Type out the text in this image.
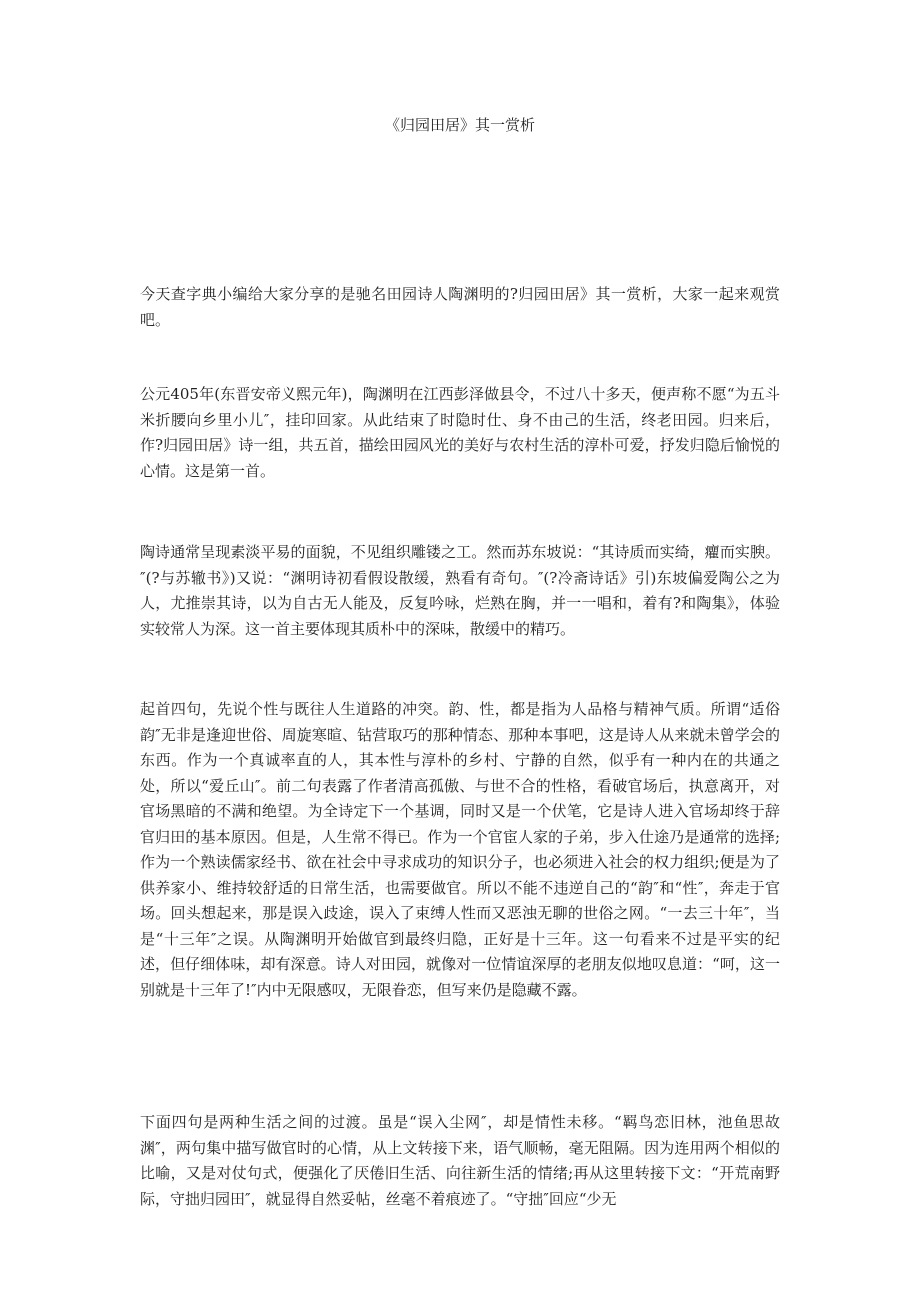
《归园田居》其一赏析
今天查字典小编给大家分享的是驰名田园诗人陶渊明的?归园田居》其一赏析，大家一起来观赏吧。
公元405年(东晋安帝义熙元年)，陶渊明在江西彭泽做县令，不过八十多天，便声称不愿“为五斗米折腰向乡里小儿″，挂印回家。从此结束了时隐时仕、身不由己的生活，终老田园。归来后，作?归园田居》诗一组，共五首，描绘田园风光的美好与农村生活的淳朴可爱，抒发归隐后愉悦的心情。这是第一首。
陶诗通常呈现素淡平易的面貌，不见组织雕镂之工。然而苏东坡说：“其诗质而实绮，癯而实腴。″(?与苏辙书》)又说：“渊明诗初看假设散缓，熟看有奇句。″(?冷斋诗话》引)东坡偏爱陶公之为人，尤推崇其诗，以为自古无人能及，反复吟咏，烂熟在胸，并一一唱和，着有?和陶集》，体验实较常人为深。这一首主要体现其质朴中的深味，散缓中的精巧。
起首四句，先说个性与既往人生道路的冲突。韵、性，都是指为人品格与精神气质。所谓“适俗韵″无非是逢迎世俗、周旋寒暄、钻营取巧的那种情态、那种本事吧，这是诗人从来就未曾学会的东西。作为一个真诚率直的人，其本性与淳朴的乡村、宁静的自然，似乎有一种内在的共通之处，所以“爱丘山″。前二句表露了作者清高孤傲、与世不合的性格，看破官场后，执意离开，对官场黑暗的不满和绝望。为全诗定下一个基调，同时又是一个伏笔，它是诗人进入官场却终于辞官归田的基本原因。但是，人生常不得已。作为一个官宦人家的子弟，步入仕途乃是通常的选择;作为一个熟读儒家经书、欲在社会中寻求成功的知识分子，也必须进入社会的权力组织;便是为了供养家小、维持较舒适的日常生活，也需要做官。所以不能不违逆自己的“韵″和“性″，奔走于官场。回头想起来，那是误入歧途，误入了束缚人性而又恶浊无聊的世俗之网。“一去三十年″，当是“十三年″之误。从陶渊明开始做官到最终归隐，正好是十三年。这一句看来不过是平实的纪述，但仔细体味，却有深意。诗人对田园，就像对一位情谊深厚的老朋友似地叹息道：“呵，这一别就是十三年了!″内中无限感叹，无限眷恋，但写来仍是隐藏不露。
下面四句是两种生活之间的过渡。虽是“误入尘网″，却是情性未移。“羁鸟恋旧林，池鱼思故渊″，两句集中描写做官时的心情，从上文转接下来，语气顺畅，毫无阻隔。因为连用两个相似的比喻，又是对仗句式，便强化了厌倦旧生活、向往新生活的情绪;再从这里转接下文：“开荒南野际，守拙归园田″，就显得自然妥帖，丝毫不着痕迹了。“守拙″回应“少无
